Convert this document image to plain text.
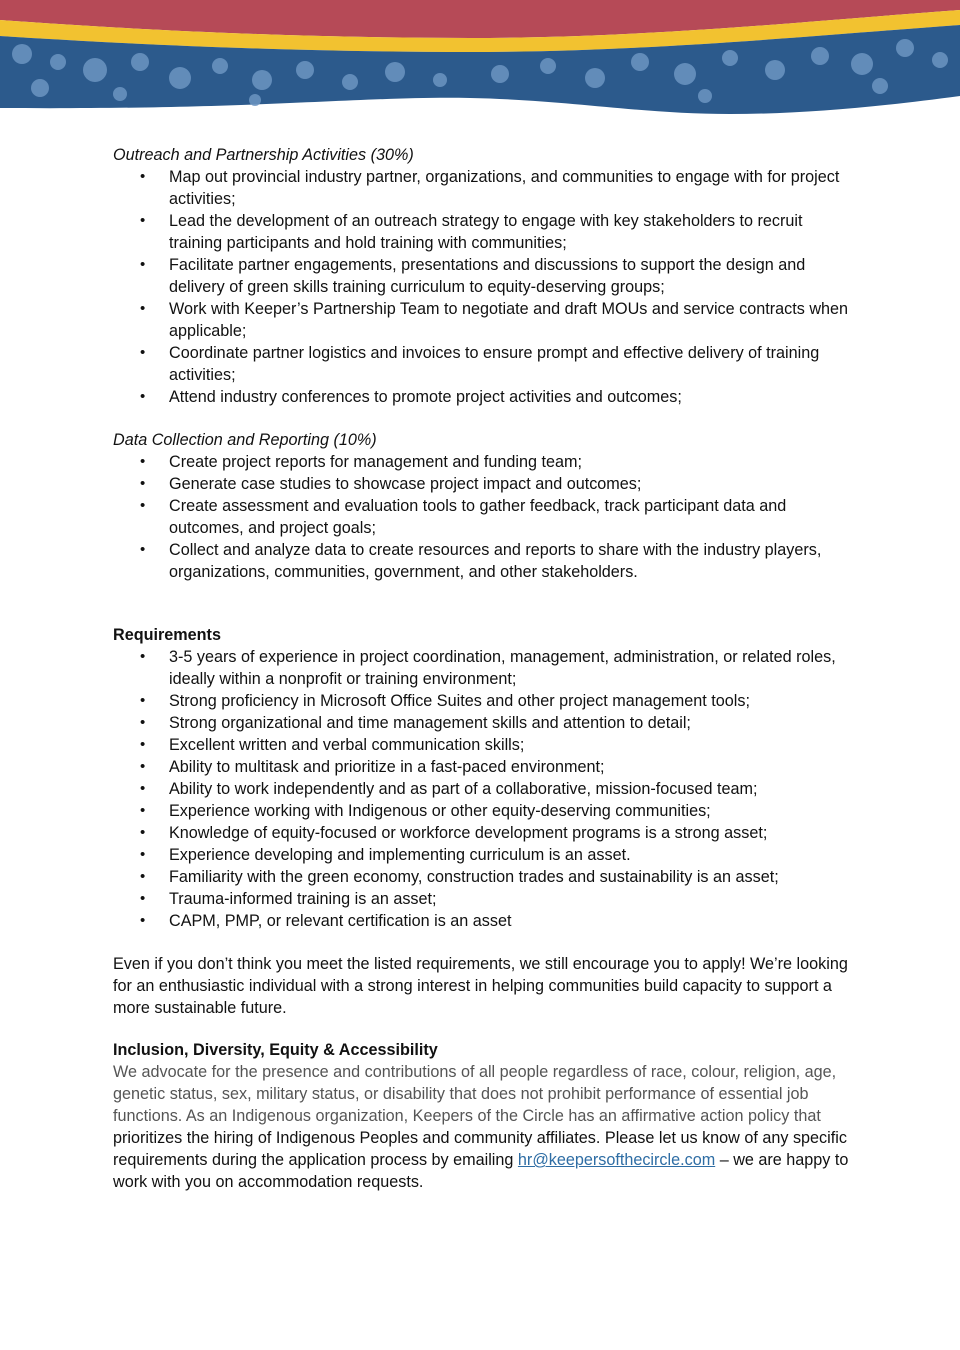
Outreach and Partnership Activities (30%)

• Map out provincial industry partner, organizations, and communities to engage with for project activities;
• Lead the development of an outreach strategy to engage with key stakeholders to recruit training participants and hold training with communities;
• Facilitate partner engagements, presentations and discussions to support the design and delivery of green skills training curriculum to equity-deserving groups;
• Work with Keeper’s Partnership Team to negotiate and draft MOUs and service contracts when applicable;
• Coordinate partner logistics and invoices to ensure prompt and effective delivery of training activities;
• Attend industry conferences to promote project activities and outcomes;

Data Collection and Reporting (10%)

• Create project reports for management and funding team;
• Generate case studies to showcase project impact and outcomes;
• Create assessment and evaluation tools to gather feedback, track participant data and outcomes, and project goals;
• Collect and analyze data to create resources and reports to share with the industry players, organizations, communities, government, and other stakeholders.

Requirements

• 3-5 years of experience in project coordination, management, administration, or related roles, ideally within a nonprofit or training environment;
• Strong proficiency in Microsoft Office Suites and other project management tools;
• Strong organizational and time management skills and attention to detail;
• Excellent written and verbal communication skills;
• Ability to multitask and prioritize in a fast-paced environment;
• Ability to work independently and as part of a collaborative, mission-focused team;
• Experience working with Indigenous or other equity-deserving communities;
• Knowledge of equity-focused or workforce development programs is a strong asset;
• Experience developing and implementing curriculum is an asset.
• Familiarity with the green economy, construction trades and sustainability is an asset;
• Trauma-informed training is an asset;
• CAPM, PMP, or relevant certification is an asset

Even if you don’t think you meet the listed requirements, we still encourage you to apply! We’re looking for an enthusiastic individual with a strong interest in helping communities build capacity to support a more sustainable future.

Inclusion, Diversity, Equity & Accessibility

We advocate for the presence and contributions of all people regardless of race, colour, religion, age, genetic status, sex, military status, or disability that does not prohibit performance of essential job functions. As an Indigenous organization, Keepers of the Circle has an affirmative action policy that prioritizes the hiring of Indigenous Peoples and community affiliates. Please let us know of any specific requirements during the application process by emailing hr@keepersofthecircle.com – we are happy to work with you on accommodation requests.
